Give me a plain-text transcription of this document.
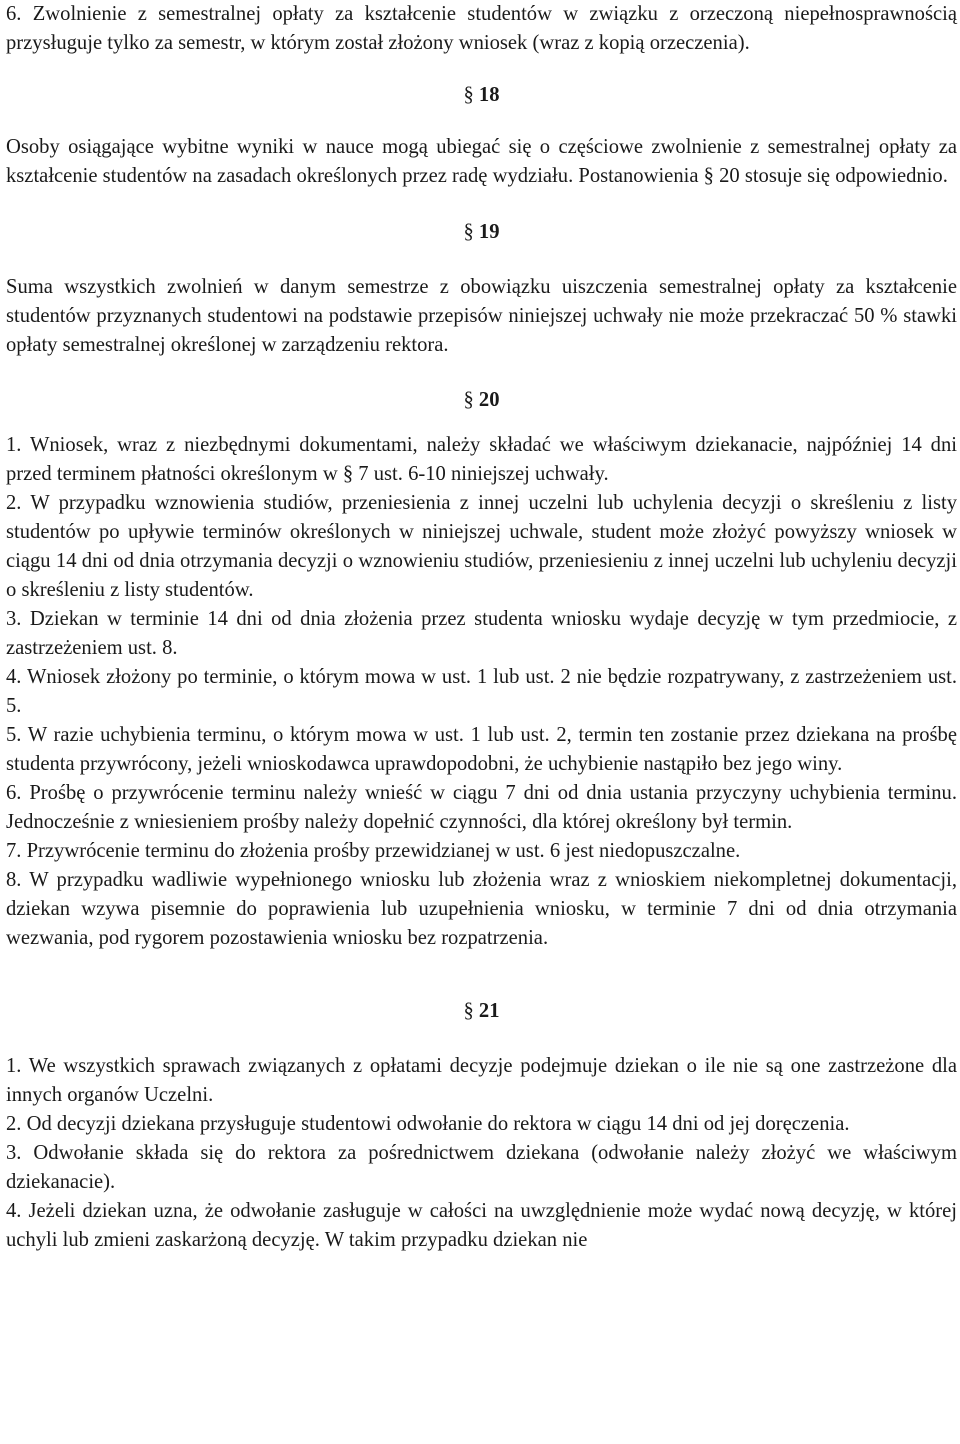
6. Zwolnienie z semestralnej opłaty za kształcenie studentów w związku z orzeczoną niepełnosprawnością przysługuje tylko za semestr, w którym został złożony wniosek (wraz z kopią orzeczenia).

§ 18

Osoby osiągające wybitne wyniki w nauce mogą ubiegać się o częściowe zwolnienie z semestralnej opłaty za kształcenie studentów na zasadach określonych przez radę wydziału. Postanowienia § 20 stosuje się odpowiednio.

§ 19

Suma wszystkich zwolnień w danym semestrze z obowiązku uiszczenia semestralnej opłaty za kształcenie studentów przyznanych studentowi na podstawie przepisów niniejszej uchwały nie może przekraczać 50 % stawki opłaty semestralnej określonej w zarządzeniu rektora.

§ 20

1. Wniosek, wraz z niezbędnymi dokumentami, należy składać we właściwym dziekanacie, najpóźniej 14 dni przed terminem płatności określonym w § 7 ust. 6-10 niniejszej uchwały.

2. W przypadku wznowienia studiów, przeniesienia z innej uczelni lub uchylenia decyzji o skreśleniu z listy studentów po upływie terminów określonych w niniejszej uchwale, student może złożyć powyższy wniosek w ciągu 14 dni od dnia otrzymania decyzji o wznowieniu studiów, przeniesieniu z innej uczelni lub uchyleniu decyzji o skreśleniu z listy studentów.

3. Dziekan w terminie 14 dni od dnia złożenia przez studenta wniosku wydaje decyzję w tym przedmiocie, z zastrzeżeniem ust. 8.

4. Wniosek złożony po terminie, o którym mowa w ust. 1 lub ust. 2 nie będzie rozpatrywany, z zastrzeżeniem ust. 5.

5. W razie uchybienia terminu, o którym mowa w ust. 1 lub ust. 2, termin ten zostanie przez dziekana na prośbę studenta przywrócony, jeżeli wnioskodawca uprawdopodobni, że uchybienie nastąpiło bez jego winy.

6. Prośbę o przywrócenie terminu należy wnieść w ciągu 7 dni od dnia ustania przyczyny uchybienia terminu. Jednocześnie z wniesieniem prośby należy dopełnić czynności, dla której określony był termin.

7. Przywrócenie terminu do złożenia prośby przewidzianej w ust. 6 jest niedopuszczalne.

8. W przypadku wadliwie wypełnionego wniosku lub złożenia wraz z wnioskiem niekompletnej dokumentacji, dziekan wzywa pisemnie do poprawienia lub uzupełnienia wniosku, w terminie 7 dni od dnia otrzymania wezwania, pod rygorem pozostawienia wniosku bez rozpatrzenia.

§ 21

1. We wszystkich sprawach związanych z opłatami decyzje podejmuje dziekan o ile nie są one zastrzeżone dla innych organów Uczelni.

2. Od decyzji dziekana przysługuje studentowi odwołanie do rektora w ciągu 14 dni od jej doręczenia.

3. Odwołanie składa się do rektora za pośrednictwem dziekana (odwołanie należy złożyć we właściwym dziekanacie).

4. Jeżeli dziekan uzna, że odwołanie zasługuje w całości na uwzględnienie może wydać nową decyzję, w której uchyli lub zmieni zaskarżoną decyzję. W takim przypadku dziekan nie
